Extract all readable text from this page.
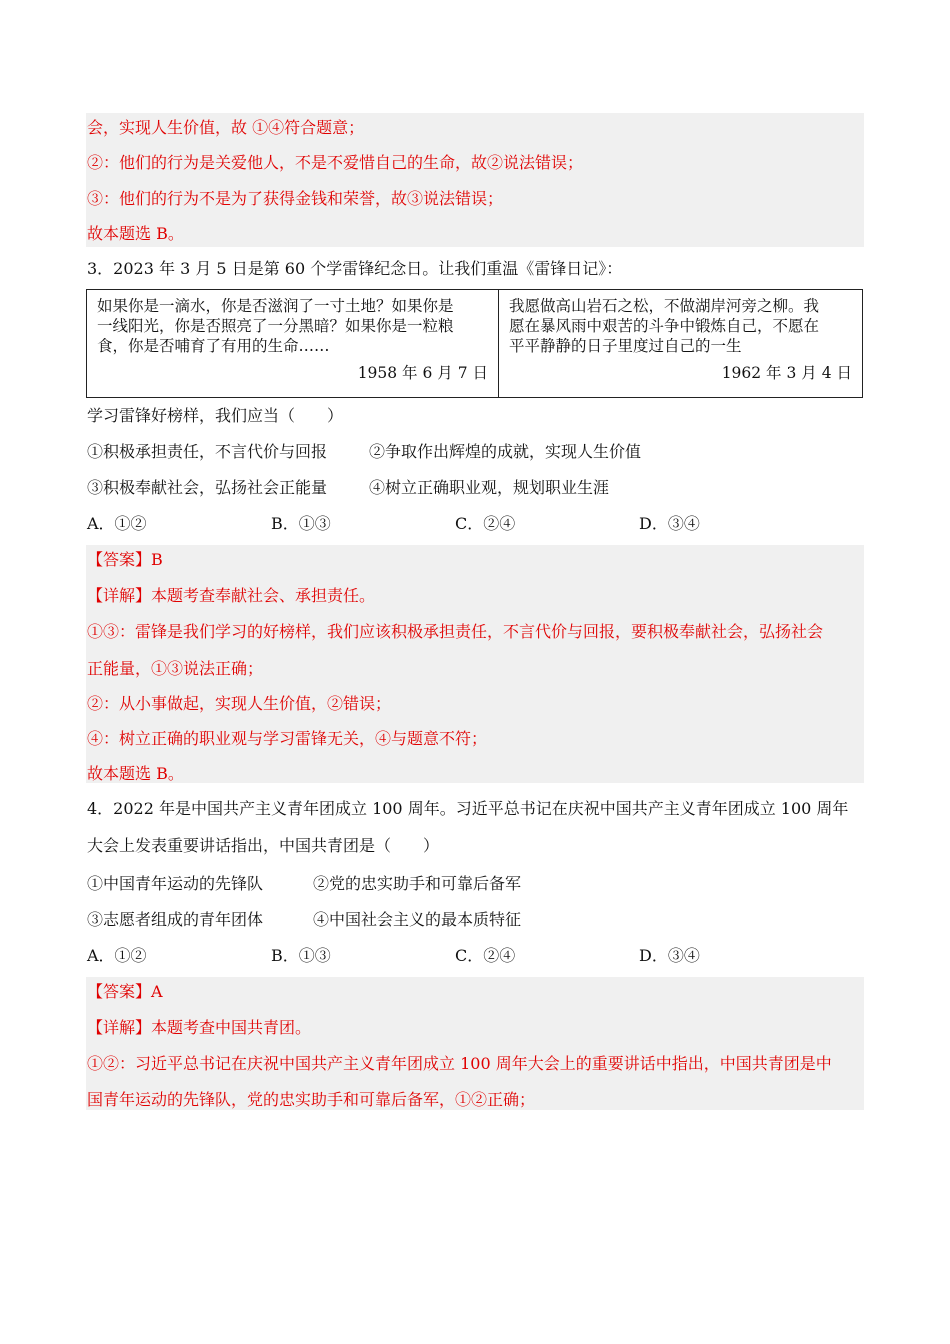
会，实现人生价值，故 ①④符合题意；
②：他们的行为是关爱他人，不是不爱惜自己的生命，故②说法错误；
③：他们的行为不是为了获得金钱和荣誉，故③说法错误；
故本题选 B。
3．2023 年 3 月 5 日是第 60 个学雷锋纪念日。让我们重温《雷锋日记》：
如果你是一滴水，你是否滋润了一寸土地？如果你是
一线阳光，你是否照亮了一分黑暗？如果你是一粒粮
食，你是否哺育了有用的生命……
1958 年 6 月 7 日
我愿做高山岩石之松，不做湖岸河旁之柳。我
愿在暴风雨中艰苦的斗争中锻炼自己，不愿在
平平静静的日子里度过自己的一生
1962 年 3 月 4 日
学习雷锋好榜样，我们应当（　　）
①积极承担责任，不言代价与回报	②争取作出辉煌的成就，实现人生价值
③积极奉献社会，弘扬社会正能量	④树立正确职业观，规划职业生涯
A．①②	B．①③	C．②④	D．③④
【答案】B
【详解】本题考查奉献社会、承担责任。
①③：雷锋是我们学习的好榜样，我们应该积极承担责任，不言代价与回报，要积极奉献社会，弘扬社会
正能量，①③说法正确；
②：从小事做起，实现人生价值，②错误；
④：树立正确的职业观与学习雷锋无关，④与题意不符；
故本题选 B。
4．2022 年是中国共产主义青年团成立 100 周年。习近平总书记在庆祝中国共产主义青年团成立 100 周年
大会上发表重要讲话指出，中国共青团是（　　）
①中国青年运动的先锋队	②党的忠实助手和可靠后备军
③志愿者组成的青年团体	④中国社会主义的最本质特征
A．①②	B．①③	C．②④	D．③④
【答案】A
【详解】本题考查中国共青团。
①②：习近平总书记在庆祝中国共产主义青年团成立 100 周年大会上的重要讲话中指出，中国共青团是中
国青年运动的先锋队，党的忠实助手和可靠后备军，①②正确；
